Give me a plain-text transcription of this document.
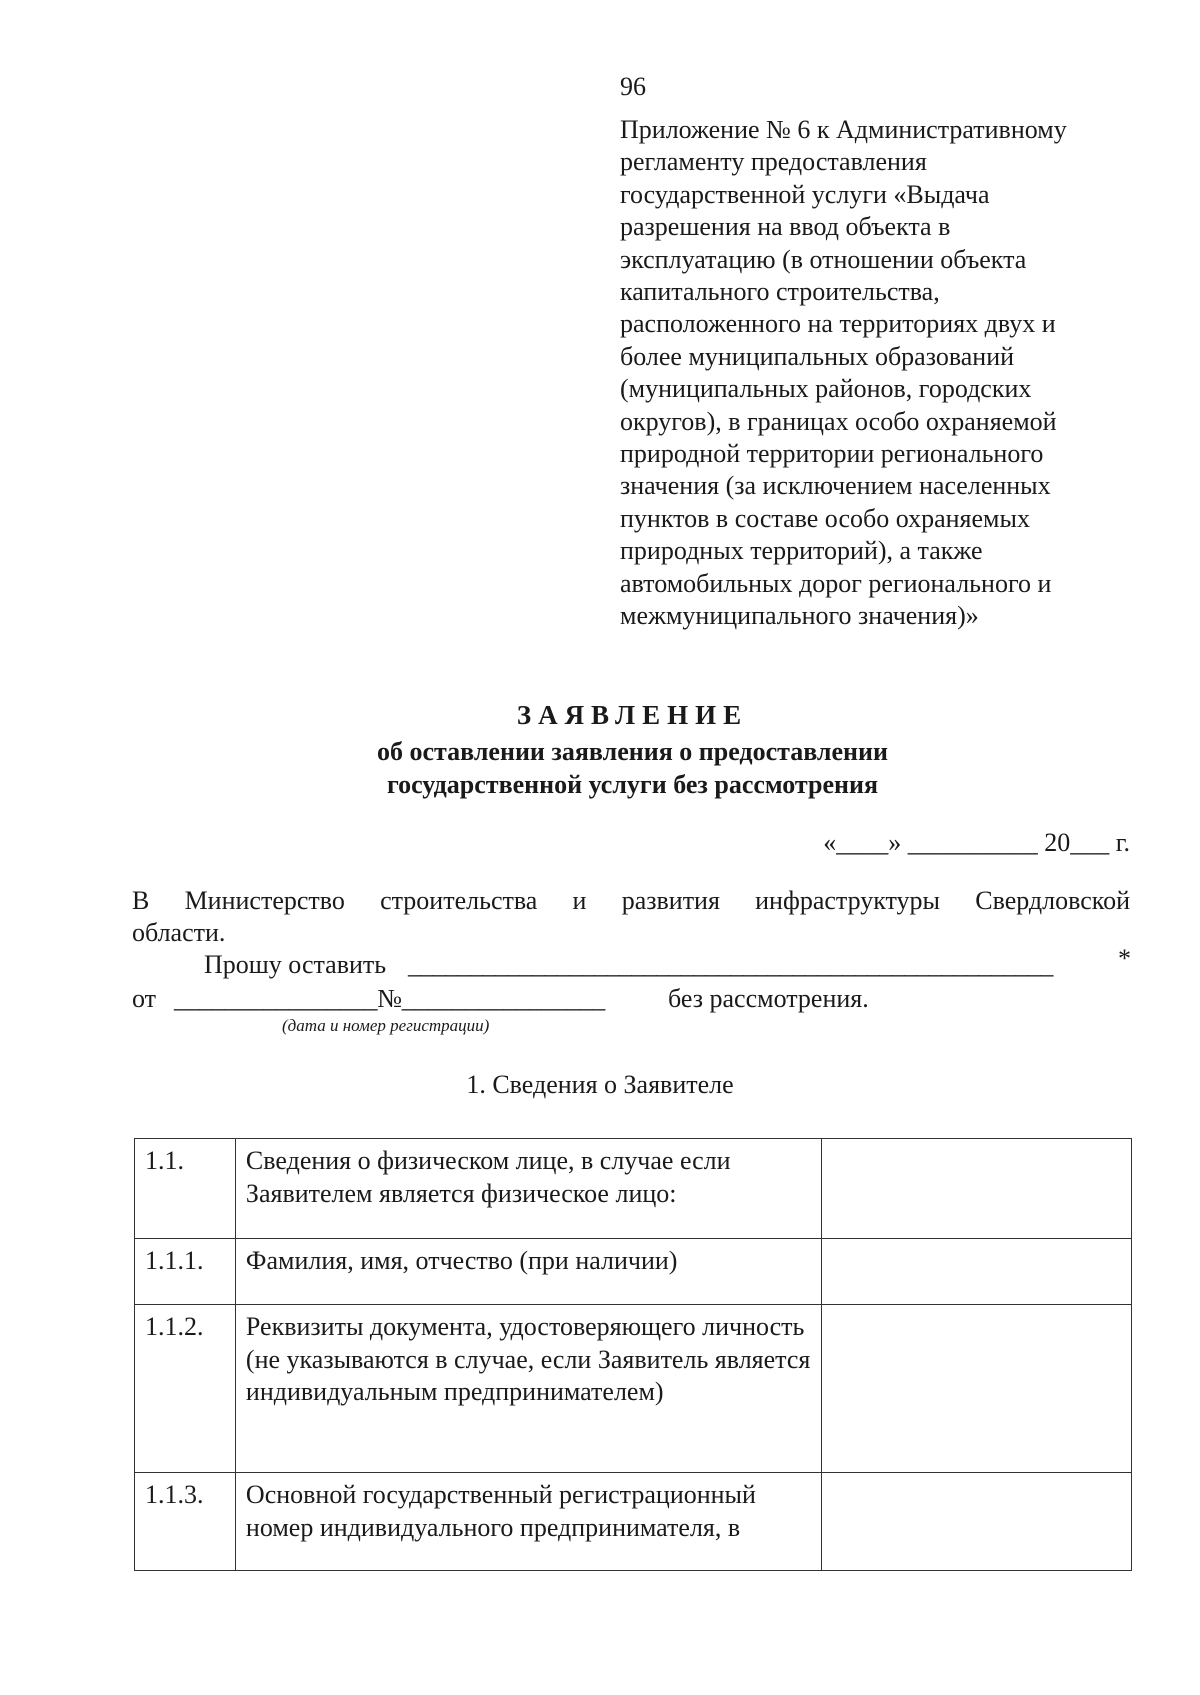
96
Приложение № 6 к Административному
регламенту предоставления
государственной услуги «Выдача
разрешения на ввод объекта в
эксплуатацию (в отношении объекта
капитального строительства,
расположенного на территориях двух и
более муниципальных образований
(муниципальных районов, городских
округов), в границах особо охраняемой
природной территории регионального
значения (за исключением населенных
пунктов в составе особо охраняемых
природных территорий), а также
автомобильных дорог регионального и
межмуниципального значения)»
ЗАЯВЛЕНИЕ
об оставлении заявления о предоставлении
государственной услуги без рассмотрения
«____» __________ 20___ г.
В Министерство строительства и развития инфраструктуры Свердловской
области.
Прошу оставить ____________________________________________________	*
от ________________№________________ без рассмотрения.
(дата и номер регистрации)
1. Сведения о Заявителе
1.1.	Сведения о физическом лице, в случае если Заявителем является физическое лицо:	
1.1.1.	Фамилия, имя, отчество (при наличии)	
1.1.2.	Реквизиты документа, удостоверяющего личность (не указываются в случае, если Заявитель является индивидуальным предпринимателем)	
1.1.3.	Основной государственный регистрационный номер индивидуального предпринимателя, в	
